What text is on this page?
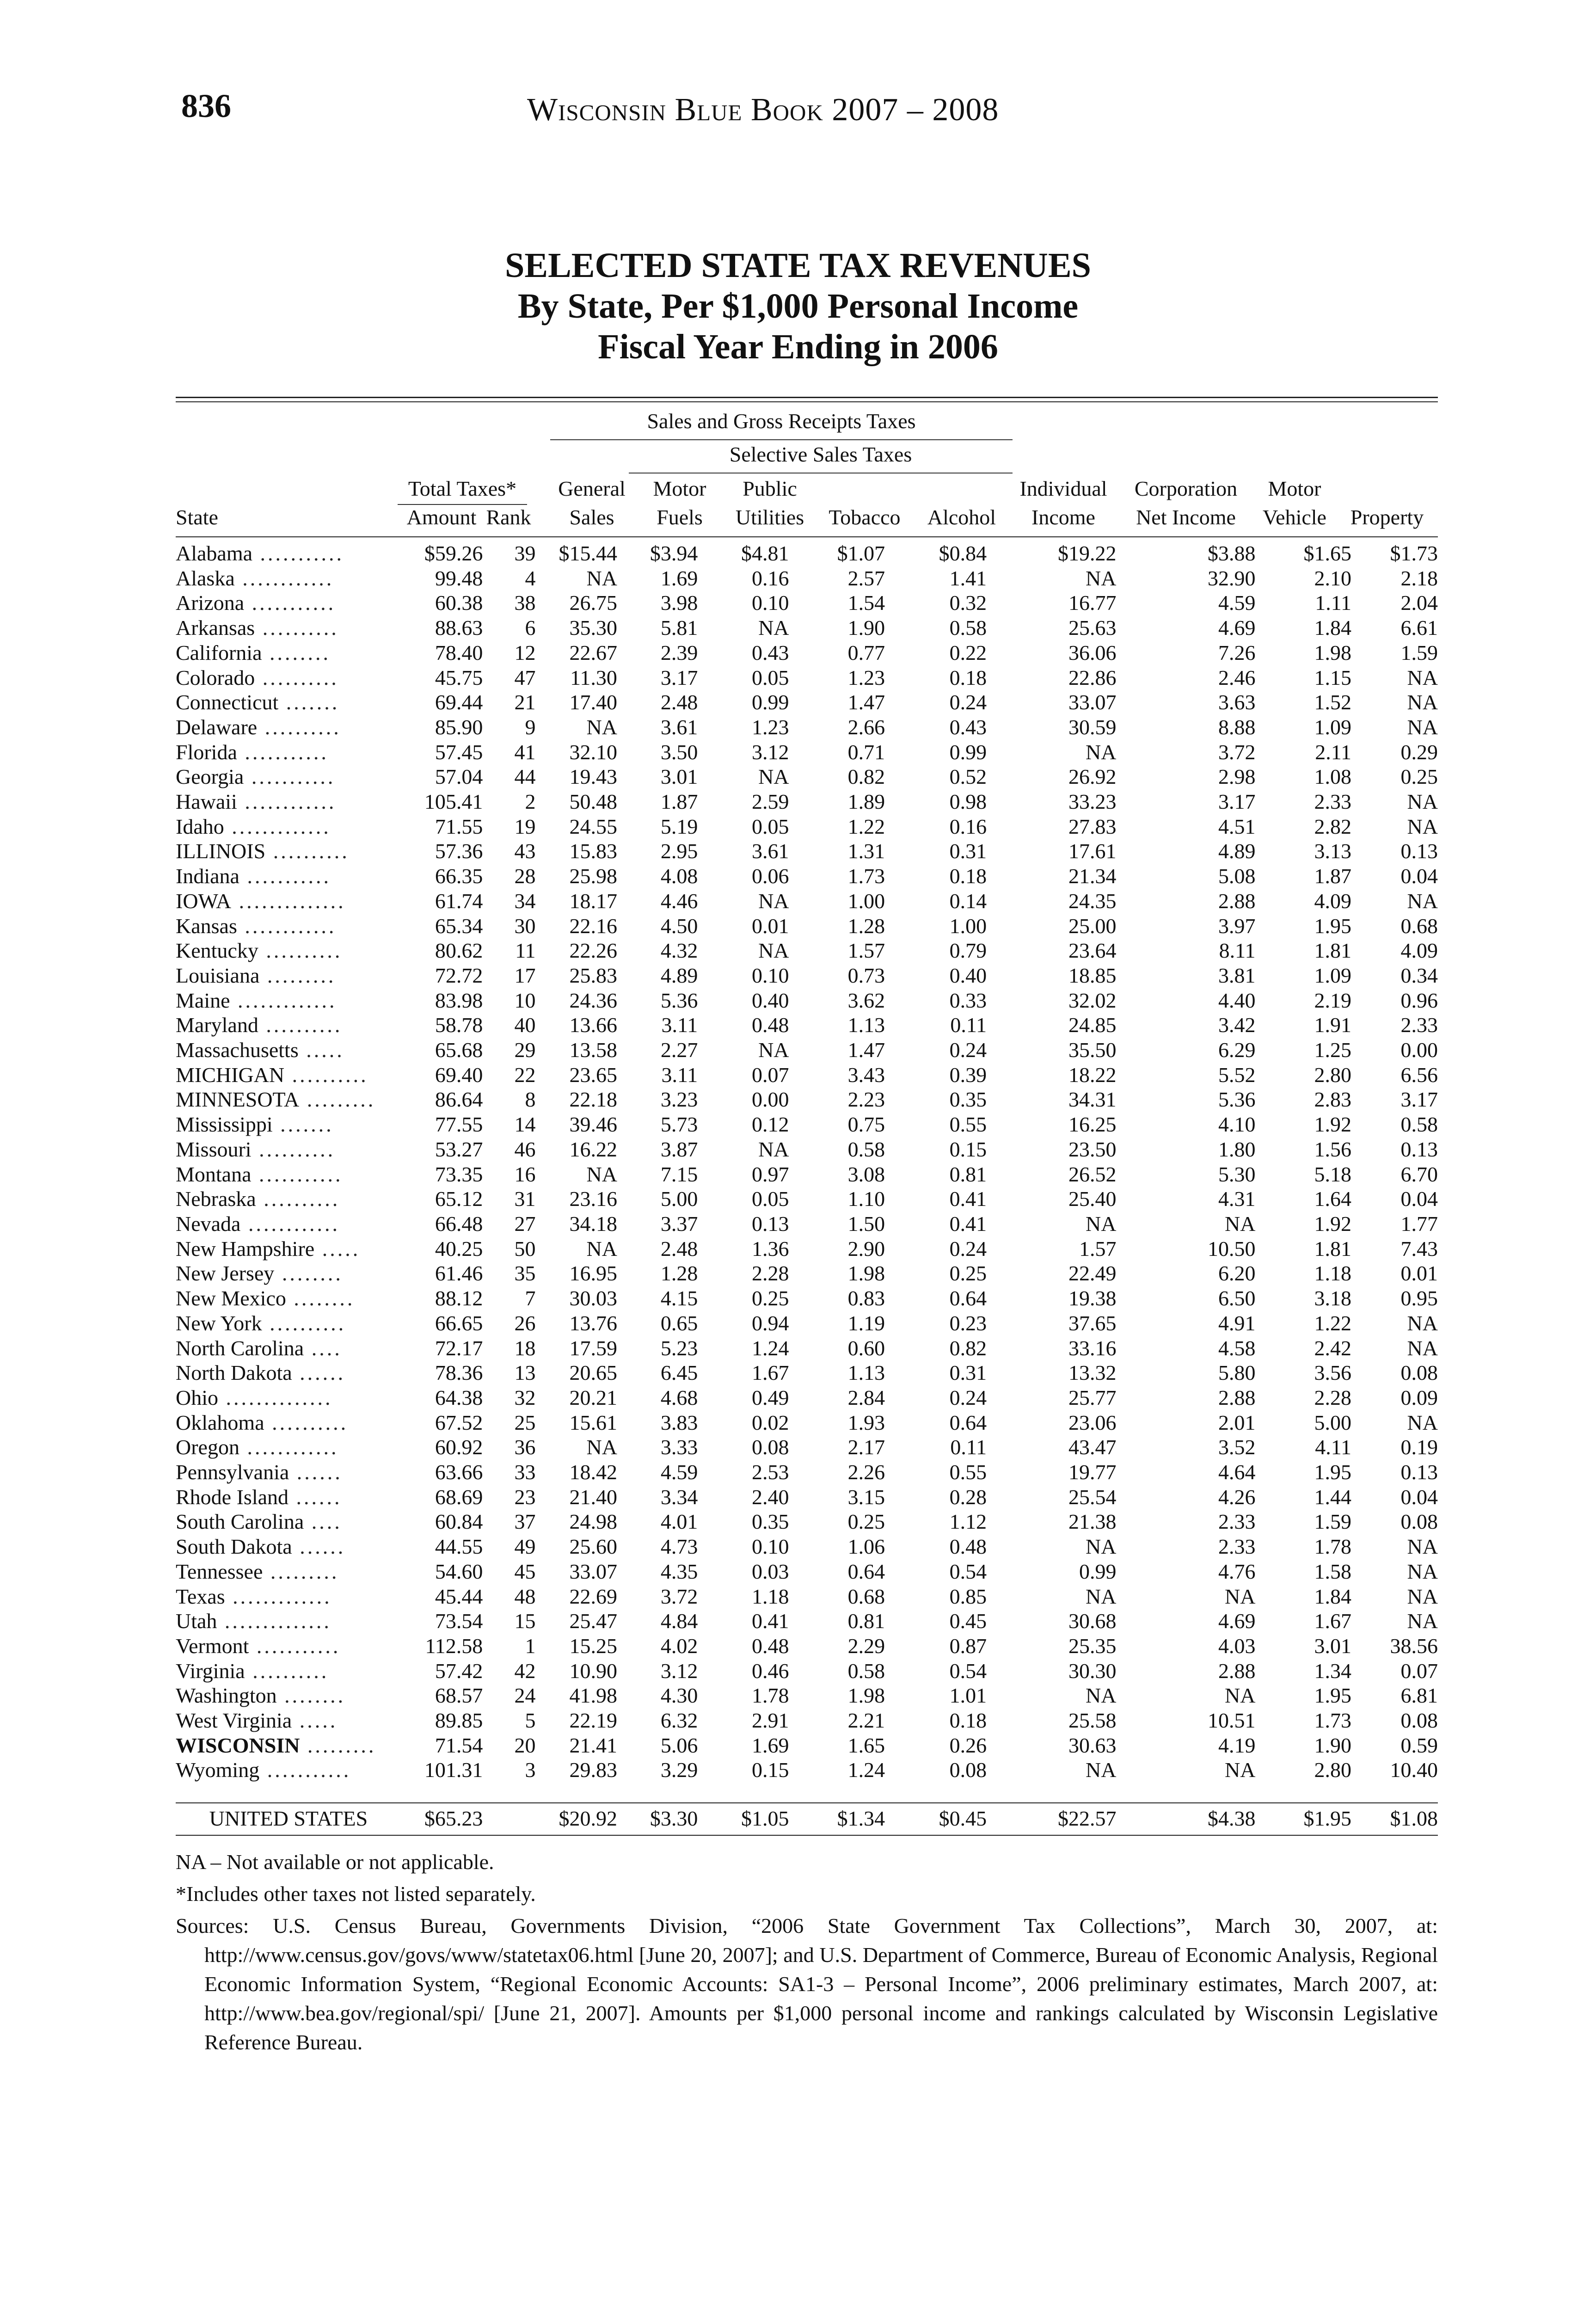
836	Wisconsin Blue Book 2007 – 2008
SELECTED STATE TAX REVENUES
By State, Per $1,000 Personal Income
Fiscal Year Ending in 2006
Sales and Gross Receipts Taxes
Selective Sales Taxes
Total Taxes*	General	Motor	Public	Individual	Corporation	Motor
State	Amount Rank	Sales	Fuels	Utilities	Tobacco	Alcohol	Income	Net Income	Vehicle	Property
Alabama ...........	$59.26	39	$15.44	$3.94	$4.81	$1.07	$0.84	$19.22	$3.88	$1.65	$1.73
Alaska ............	99.48	4	NA	1.69	0.16	2.57	1.41	NA	32.90	2.10	2.18
Arizona ...........	60.38	38	26.75	3.98	0.10	1.54	0.32	16.77	4.59	1.11	2.04
Arkansas ..........	88.63	6	35.30	5.81	NA	1.90	0.58	25.63	4.69	1.84	6.61
California ........	78.40	12	22.67	2.39	0.43	0.77	0.22	36.06	7.26	1.98	1.59
Colorado ..........	45.75	47	11.30	3.17	0.05	1.23	0.18	22.86	2.46	1.15	NA
Connecticut .......	69.44	21	17.40	2.48	0.99	1.47	0.24	33.07	3.63	1.52	NA
Delaware ..........	85.90	9	NA	3.61	1.23	2.66	0.43	30.59	8.88	1.09	NA
Florida ...........	57.45	41	32.10	3.50	3.12	0.71	0.99	NA	3.72	2.11	0.29
Georgia ...........	57.04	44	19.43	3.01	NA	0.82	0.52	26.92	2.98	1.08	0.25
Hawaii ............	105.41	2	50.48	1.87	2.59	1.89	0.98	33.23	3.17	2.33	NA
Idaho .............	71.55	19	24.55	5.19	0.05	1.22	0.16	27.83	4.51	2.82	NA
ILLINOIS ..........	57.36	43	15.83	2.95	3.61	1.31	0.31	17.61	4.89	3.13	0.13
Indiana ...........	66.35	28	25.98	4.08	0.06	1.73	0.18	21.34	5.08	1.87	0.04
IOWA ..............	61.74	34	18.17	4.46	NA	1.00	0.14	24.35	2.88	4.09	NA
Kansas ............	65.34	30	22.16	4.50	0.01	1.28	1.00	25.00	3.97	1.95	0.68
Kentucky ..........	80.62	11	22.26	4.32	NA	1.57	0.79	23.64	8.11	1.81	4.09
Louisiana .........	72.72	17	25.83	4.89	0.10	0.73	0.40	18.85	3.81	1.09	0.34
Maine .............	83.98	10	24.36	5.36	0.40	3.62	0.33	32.02	4.40	2.19	0.96
Maryland ..........	58.78	40	13.66	3.11	0.48	1.13	0.11	24.85	3.42	1.91	2.33
Massachusetts .....	65.68	29	13.58	2.27	NA	1.47	0.24	35.50	6.29	1.25	0.00
MICHIGAN ..........	69.40	22	23.65	3.11	0.07	3.43	0.39	18.22	5.52	2.80	6.56
MINNESOTA .........	86.64	8	22.18	3.23	0.00	2.23	0.35	34.31	5.36	2.83	3.17
Mississippi .......	77.55	14	39.46	5.73	0.12	0.75	0.55	16.25	4.10	1.92	0.58
Missouri ..........	53.27	46	16.22	3.87	NA	0.58	0.15	23.50	1.80	1.56	0.13
Montana ...........	73.35	16	NA	7.15	0.97	3.08	0.81	26.52	5.30	5.18	6.70
Nebraska ..........	65.12	31	23.16	5.00	0.05	1.10	0.41	25.40	4.31	1.64	0.04
Nevada ............	66.48	27	34.18	3.37	0.13	1.50	0.41	NA	NA	1.92	1.77
New Hampshire .....	40.25	50	NA	2.48	1.36	2.90	0.24	1.57	10.50	1.81	7.43
New Jersey ........	61.46	35	16.95	1.28	2.28	1.98	0.25	22.49	6.20	1.18	0.01
New Mexico ........	88.12	7	30.03	4.15	0.25	0.83	0.64	19.38	6.50	3.18	0.95
New York ..........	66.65	26	13.76	0.65	0.94	1.19	0.23	37.65	4.91	1.22	NA
North Carolina ....	72.17	18	17.59	5.23	1.24	0.60	0.82	33.16	4.58	2.42	NA
North Dakota ......	78.36	13	20.65	6.45	1.67	1.13	0.31	13.32	5.80	3.56	0.08
Ohio ..............	64.38	32	20.21	4.68	0.49	2.84	0.24	25.77	2.88	2.28	0.09
Oklahoma ..........	67.52	25	15.61	3.83	0.02	1.93	0.64	23.06	2.01	5.00	NA
Oregon ............	60.92	36	NA	3.33	0.08	2.17	0.11	43.47	3.52	4.11	0.19
Pennsylvania ......	63.66	33	18.42	4.59	2.53	2.26	0.55	19.77	4.64	1.95	0.13
Rhode Island ......	68.69	23	21.40	3.34	2.40	3.15	0.28	25.54	4.26	1.44	0.04
South Carolina ....	60.84	37	24.98	4.01	0.35	0.25	1.12	21.38	2.33	1.59	0.08
South Dakota ......	44.55	49	25.60	4.73	0.10	1.06	0.48	NA	2.33	1.78	NA
Tennessee .........	54.60	45	33.07	4.35	0.03	0.64	0.54	0.99	4.76	1.58	NA
Texas .............	45.44	48	22.69	3.72	1.18	0.68	0.85	NA	NA	1.84	NA
Utah ..............	73.54	15	25.47	4.84	0.41	0.81	0.45	30.68	4.69	1.67	NA
Vermont ...........	112.58	1	15.25	4.02	0.48	2.29	0.87	25.35	4.03	3.01	38.56
Virginia ..........	57.42	42	10.90	3.12	0.46	0.58	0.54	30.30	2.88	1.34	0.07
Washington ........	68.57	24	41.98	4.30	1.78	1.98	1.01	NA	NA	1.95	6.81
West Virginia .....	89.85	5	22.19	6.32	2.91	2.21	0.18	25.58	10.51	1.73	0.08
WISCONSIN .........	71.54	20	21.41	5.06	1.69	1.65	0.26	30.63	4.19	1.90	0.59
Wyoming ...........	101.31	3	29.83	3.29	0.15	1.24	0.08	NA	NA	2.80	10.40
UNITED STATES	$65.23		$20.92	$3.30	$1.05	$1.34	$0.45	$22.57	$4.38	$1.95	$1.08
NA – Not available or not applicable.
*Includes other taxes not listed separately.
Sources: U.S. Census Bureau, Governments Division, “2006 State Government Tax Collections”, March 30, 2007, at: http://www.census.gov/govs/www/statetax06.html [June 20, 2007]; and U.S. Department of Commerce, Bureau of Economic Analysis, Regional Economic Information System, “Regional Economic Accounts: SA1-3 – Personal Income”, 2006 preliminary estimates, March 2007, at: http://www.bea.gov/regional/spi/ [June 21, 2007]. Amounts per $1,000 personal income and rankings calculated by Wisconsin Legislative Reference Bureau.
